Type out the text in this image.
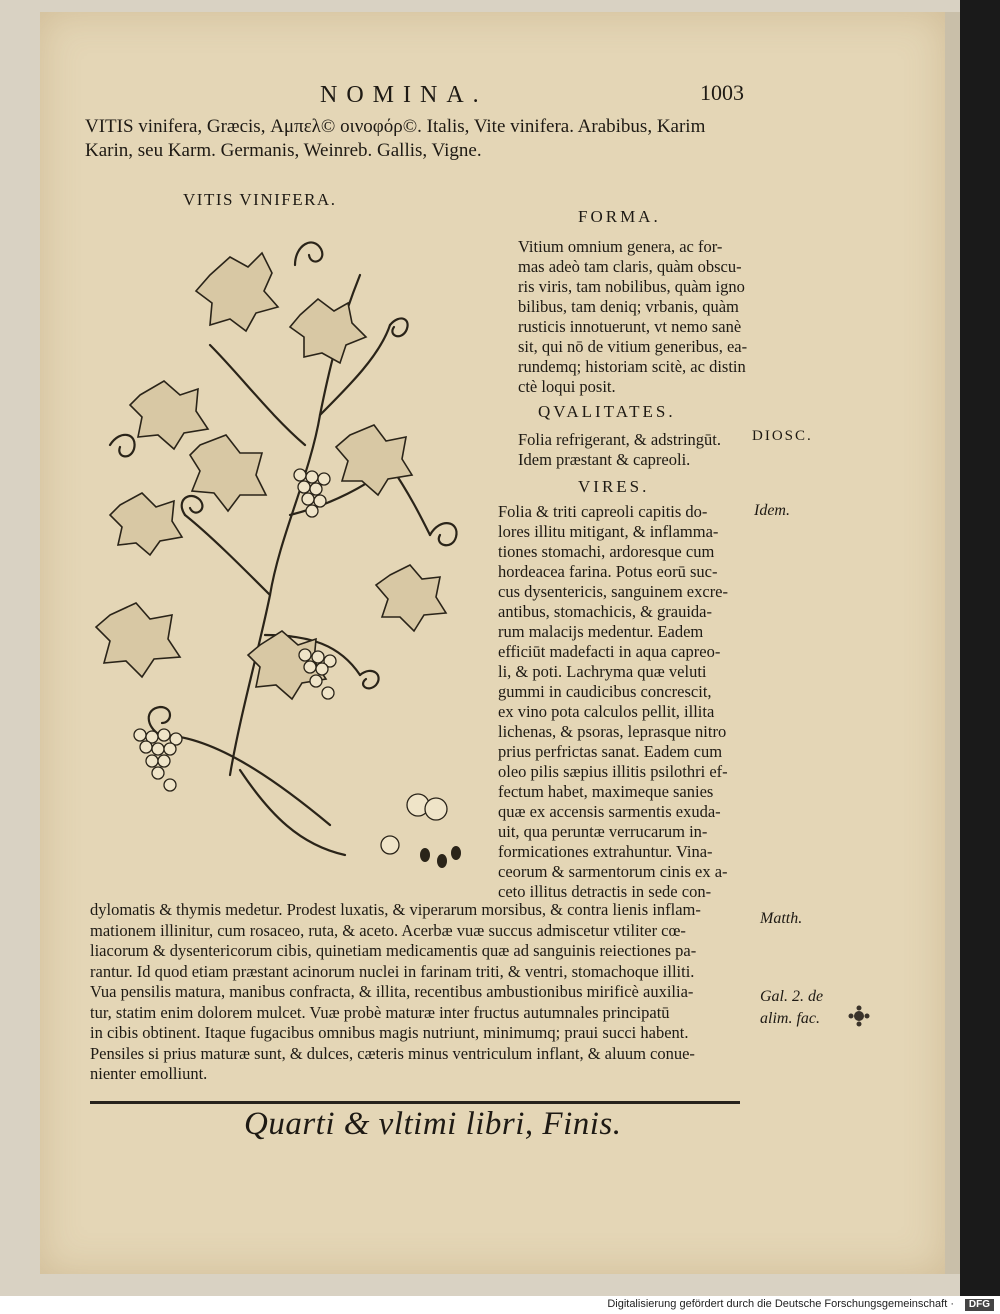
NOMINA.	1003
VITIS vinifera, Græcis, Αμπελ© οινοφόρ©. Italis, Vite vinifera. Arabibus, Karim
Karin, seu Karm. Germanis, Weinreb. Gallis, Vigne.
VITIS VINIFERA.
FORMA.
Vitium omnium genera, ac for-
mas adeò tam claris, quàm obscu-
ris viris, tam nobilibus, quàm igno
bilibus, tam deniq; vrbanis, quàm
rusticis innotuerunt, vt nemo sanè
sit, qui nō de vitium generibus, ea-
rundemq; historiam scitè, ac distin
ctè loqui posit.
QVALITATES.
Folia refrigerant, & adstringūt.
Idem præstant & capreoli.
VIRES.
Folia & triti capreoli capitis do-
lores illitu mitigant, & inflamma-
tiones stomachi, ardoresque cum
hordeacea farina. Potus eorū suc-
cus dysentericis, sanguinem excre-
antibus, stomachicis, & grauida-
rum malacijs medentur. Eadem
efficiūt madefacti in aqua capreo-
li, & poti. Lachryma quæ veluti
gummi in caudicibus concrescit,
ex vino pota calculos pellit, illita
lichenas, & psoras, leprasque nitro
prius perfrictas sanat. Eadem cum
oleo pilis sæpius illitis psilothri ef-
fectum habet, maximeque sanies
quæ ex accensis sarmentis exuda-
uit, qua peruntæ verrucarum in-
formicationes extrahuntur. Vina-
ceorum & sarmentorum cinis ex a-
ceto illitus detractis in sede con-
dylomatis & thymis medetur. Prodest luxatis, & viperarum morsibus, & contra lienis inflam-
mationem illinitur, cum rosaceo, ruta, & aceto. Acerbæ vuæ succus admiscetur vtiliter cœ-
liacorum & dysentericorum cibis, quinetiam medicamentis quæ ad sanguinis reiectiones pa-
rantur. Id quod etiam præstant acinorum nuclei in farinam triti, & ventri, stomachoque illiti.
Vua pensilis matura, manibus confracta, & illita, recentibus ambustionibus mirificè auxilia-
tur, statim enim dolorem mulcet. Vuæ probè maturæ inter fructus autumnales principatū
in cibis obtinent. Itaque fugacibus omnibus magis nutriunt, minimumq; praui succi habent.
Pensiles si prius maturæ sunt, & dulces, cæteris minus ventriculum inflant, & aluum conue-
nienter emolliunt.
DIOSC.
Idem.
Matth.
Gal. 2. de
alim. fac.
Quarti & vltimi libri, Finis.
Digitalisierung gefördert durch die Deutsche Forschungsgemeinschaft ·	DFG
